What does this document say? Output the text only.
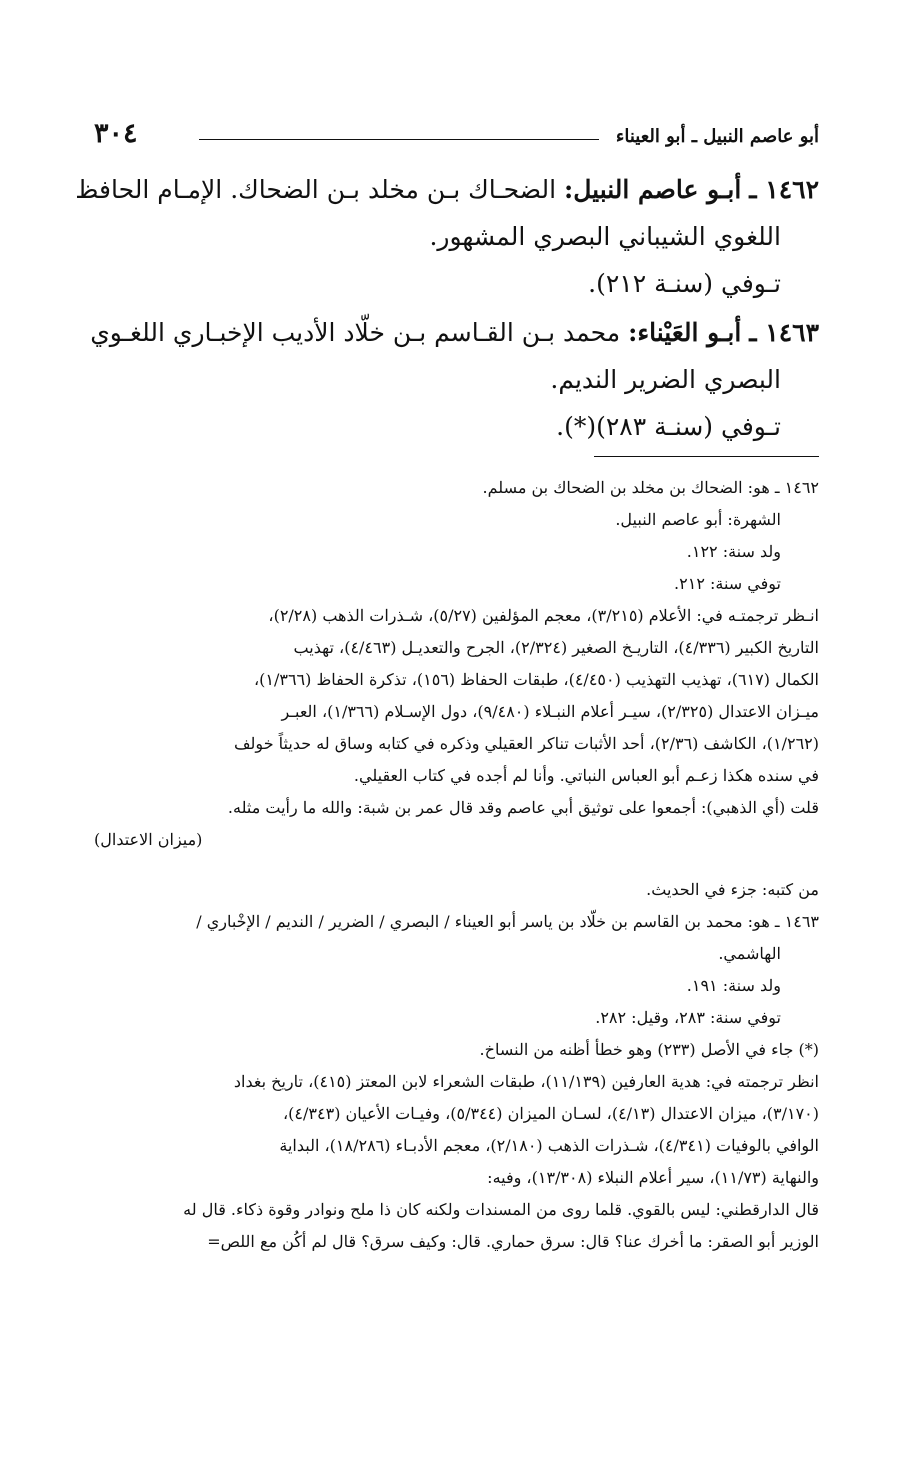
أبو عاصم النبيل ـ أبو العيناء
٣٠٤

١٤٦٢ ـ أبـو عاصم النبيل: الضحـاك بـن مخلد بـن الضحاك. الإمـام الحافظ

اللغوي الشيباني البصري المشهور.

تـوفي (سنـة ٢١٢).

١٤٦٣ ـ أبـو العَيْناء: محمد بـن القـاسم بـن خلّاد الأديب الإخبـاري اللغـوي

البصري الضرير النديم.

تـوفي (سنـة ٢٨٣)(*).

١٤٦٢ ـ هو: الضحاك بن مخلد بن الضحاك بن مسلم.

الشهرة: أبو عاصم النبيل.

ولد سنة: ١٢٢.

توفي سنة: ٢١٢.

انـظر ترجمتـه في: الأعلام (٣/٢١٥)، معجم المؤلفين (٥/٢٧)، شـذرات الذهب (٢/٢٨)،

التاريخ الكبير (٤/٣٣٦)، التاريـخ الصغير (٢/٣٢٤)، الجرح والتعديـل (٤/٤٦٣)، تهذيب

الكمال (٦١٧)، تهذيب التهذيب (٤/٤٥٠)، طبقات الحفاظ (١٥٦)، تذكرة الحفاظ (١/٣٦٦)،

ميـزان الاعتدال (٢/٣٢٥)، سيـر أعلام النبـلاء (٩/٤٨٠)، دول الإسـلام (١/٣٦٦)، العبـر

(١/٢٦٢)، الكاشف (٢/٣٦)، أحد الأثبات تناكر العقيلي وذكره في كتابه وساق له حديثاً خولف

في سنده هكذا زعـم أبو العباس النباتي. وأنا لم أجده في كتاب العقيلي.

قلت (أي الذهبي): أجمعوا على توثيق أبي عاصم وقد قال عمر بن شبة: والله ما رأيت مثله.

(ميزان الاعتدال)

من كتبه: جزء في الحديث.

١٤٦٣ ـ هو: محمد بن القاسم بن خلّاد بن ياسر أبو العيناء / البصري / الضرير / النديم / الإخْباري /

الهاشمي.

ولد سنة: ١٩١.

توفي سنة: ٢٨٣، وقيل: ٢٨٢.

(*) جاء في الأصل (٢٣٣) وهو خطأ أظنه من النساخ.

انظر ترجمته في: هدية العارفين (١١/١٣٩)، طبقات الشعراء لابن المعتز (٤١٥)، تاريخ بغداد

(٣/١٧٠)، ميزان الاعتدال (٤/١٣)، لسـان الميزان (٥/٣٤٤)، وفيـات الأعيان (٤/٣٤٣)،

الوافي بالوفيات (٤/٣٤١)، شـذرات الذهب (٢/١٨٠)، معجم الأدبـاء (١٨/٢٨٦)، البداية

والنهاية (١١/٧٣)، سير أعلام النبلاء (١٣/٣٠٨)، وفيه:

قال الدارقطني: ليس بالقوي. قلما روى من المسندات ولكنه كان ذا ملح ونوادر وقوة ذكاء. قال له

الوزير أبو الصقر: ما أخرك عنا؟ قال: سرق حماري. قال: وكيف سرق؟ قال لم أكُن مع اللص=
